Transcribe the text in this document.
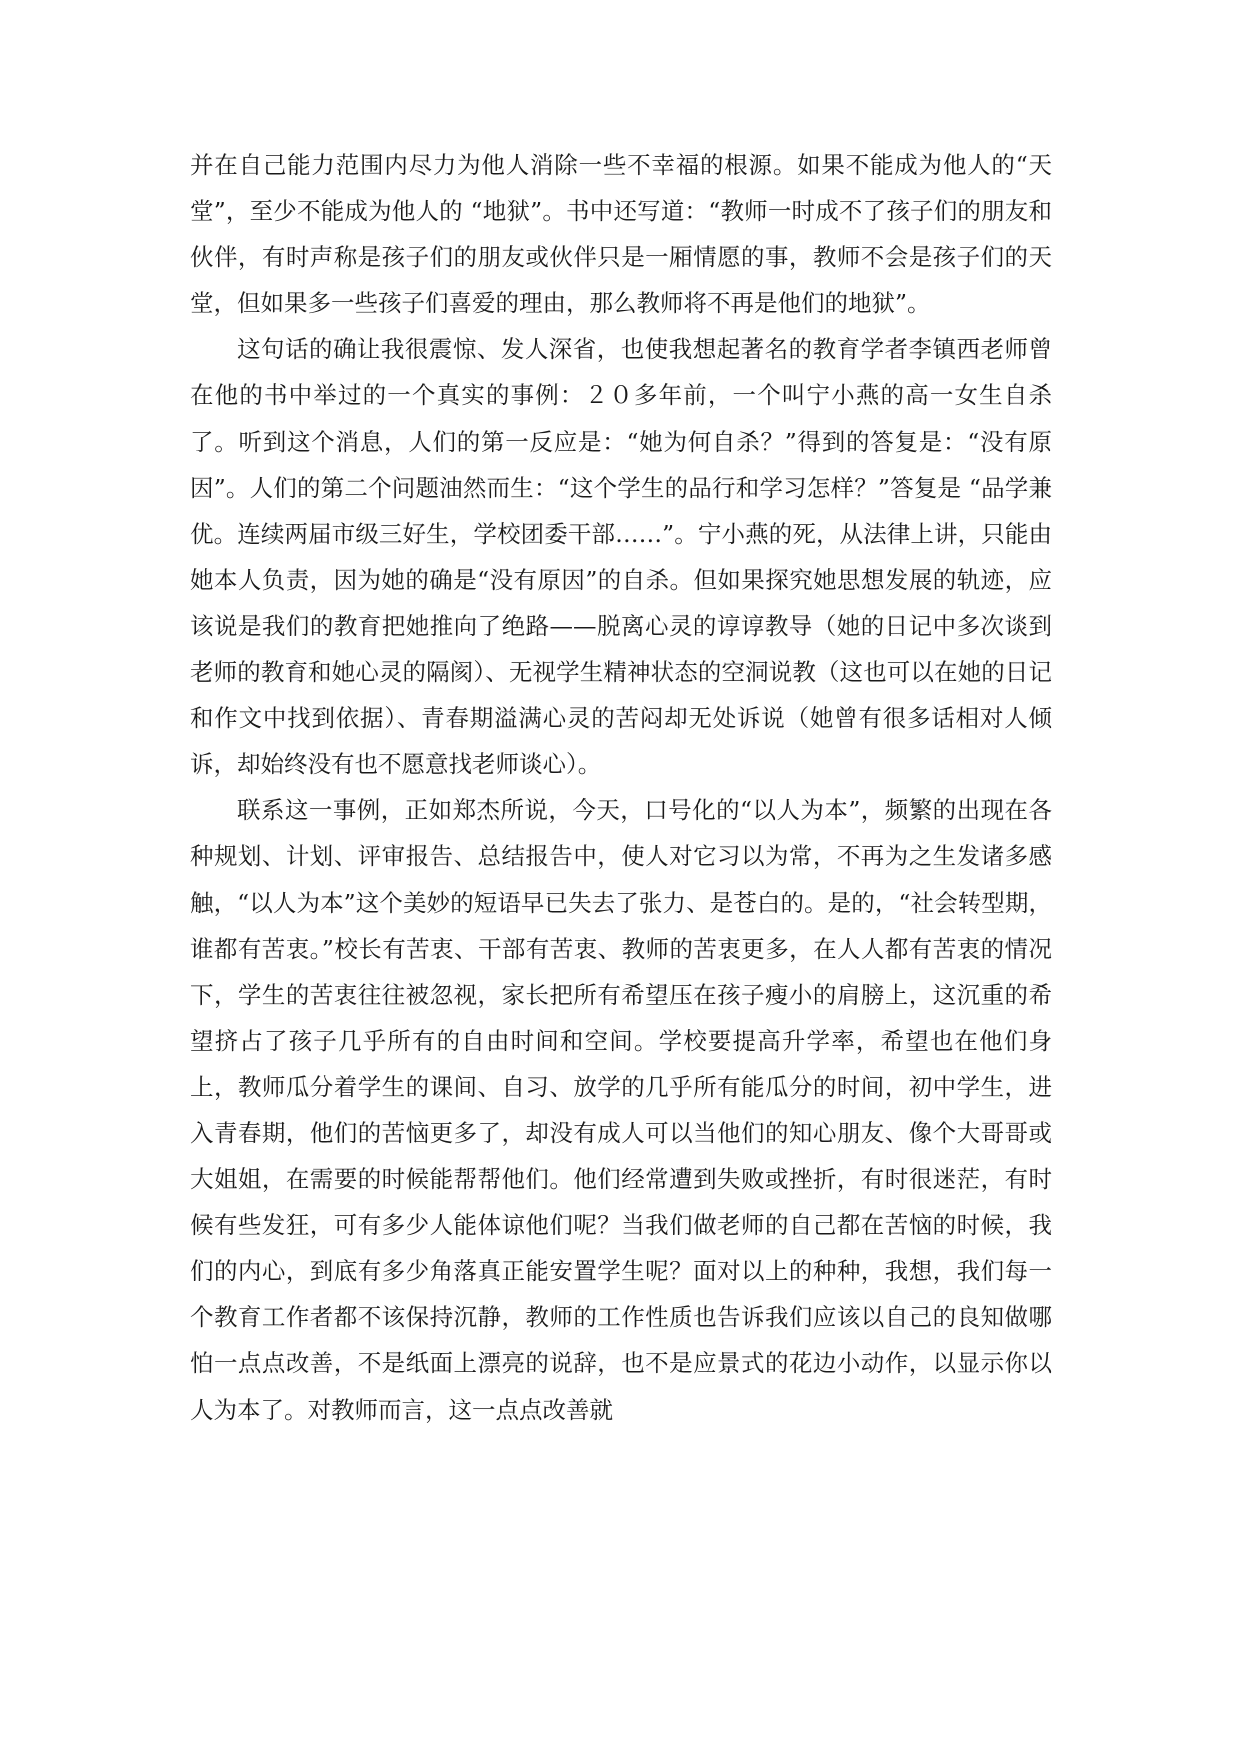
并在自己能力范围内尽力为他人消除一些不幸福的根源。如果不能成为他人的“天堂”，至少不能成为他人的 “地狱”。书中还写道：“教师一时成不了孩子们的朋友和伙伴，有时声称是孩子们的朋友或伙伴只是一厢情愿的事，教师不会是孩子们的天堂，但如果多一些孩子们喜爱的理由，那么教师将不再是他们的地狱”。

这句话的确让我很震惊、发人深省，也使我想起著名的教育学者李镇西老师曾在他的书中举过的一个真实的事例：２０多年前，一个叫宁小燕的高一女生自杀了。听到这个消息，人们的第一反应是：“她为何自杀？”得到的答复是：“没有原因”。人们的第二个问题油然而生：“这个学生的品行和学习怎样？”答复是 “品学兼优。连续两届市级三好生，学校团委干部……”。宁小燕的死，从法律上讲，只能由她本人负责，因为她的确是“没有原因”的自杀。但如果探究她思想发展的轨迹，应该说是我们的教育把她推向了绝路——脱离心灵的谆谆教导（她的日记中多次谈到老师的教育和她心灵的隔阂）、无视学生精神状态的空洞说教（这也可以在她的日记和作文中找到依据）、青春期溢满心灵的苦闷却无处诉说（她曾有很多话相对人倾诉，却始终没有也不愿意找老师谈心）。

联系这一事例，正如郑杰所说，今天，口号化的“以人为本”，频繁的出现在各种规划、计划、评审报告、总结报告中，使人对它习以为常，不再为之生发诸多感触，“以人为本”这个美妙的短语早已失去了张力、是苍白的。是的，“社会转型期，谁都有苦衷。”校长有苦衷、干部有苦衷、教师的苦衷更多，在人人都有苦衷的情况下，学生的苦衷往往被忽视，家长把所有希望压在孩子瘦小的肩膀上，这沉重的希望挤占了孩子几乎所有的自由时间和空间。学校要提高升学率，希望也在他们身上，教师瓜分着学生的课间、自习、放学的几乎所有能瓜分的时间，初中学生，进入青春期，他们的苦恼更多了，却没有成人可以当他们的知心朋友、像个大哥哥或大姐姐，在需要的时候能帮帮他们。他们经常遭到失败或挫折，有时很迷茫，有时候有些发狂，可有多少人能体谅他们呢？当我们做老师的自己都在苦恼的时候，我们的内心，到底有多少角落真正能安置学生呢？面对以上的种种，我想，我们每一个教育工作者都不该保持沉静，教师的工作性质也告诉我们应该以自己的良知做哪怕一点点改善，不是纸面上漂亮的说辞，也不是应景式的花边小动作，以显示你以人为本了。对教师而言，这一点点改善就
